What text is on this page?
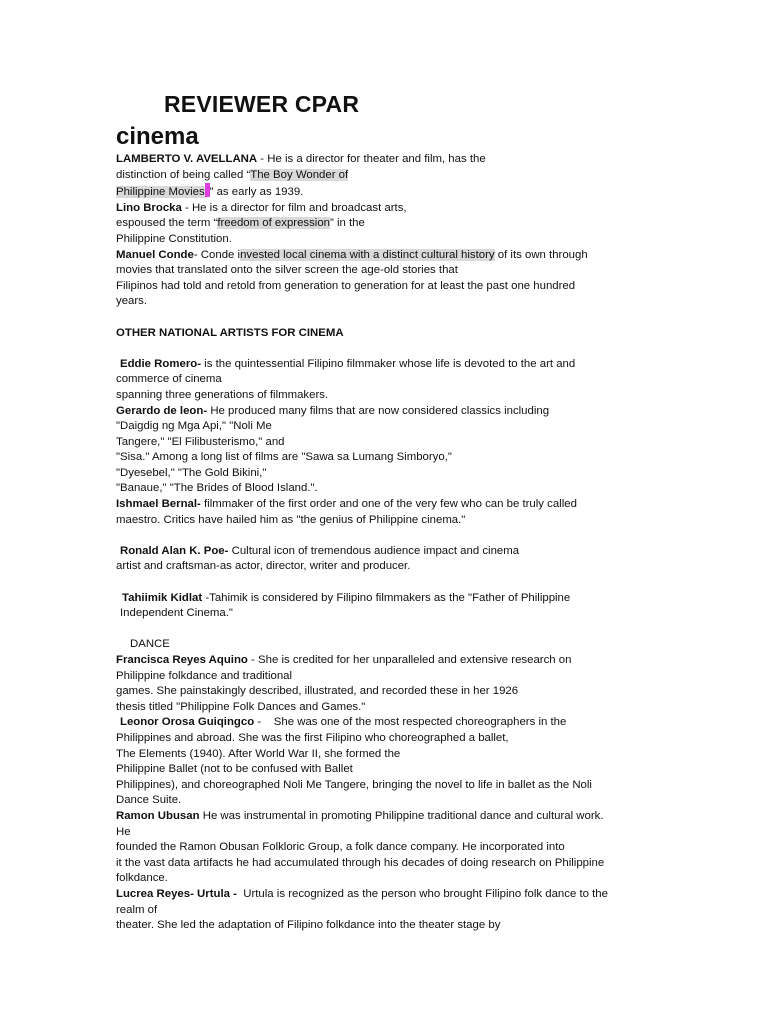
REVIEWER CPAR
cinema

LAMBERTO V. AVELLANA - He is a director for theater and film, has the

distinction of being called “The Boy Wonder of

Philippine Movies ” as early as 1939.

Lino Brocka - He is a director for film and broadcast arts,

espoused the term “freedom of expression” in the

Philippine Constitution.

Manuel Conde- Conde invested local cinema with a distinct cultural history of its own through

movies that translated onto the silver screen the age-old stories that

Filipinos had told and retold from generation to generation for at least the past one hundred

years.

OTHER NATIONAL ARTISTS FOR CINEMA

Eddie Romero- is the quintessential Filipino filmmaker whose life is devoted to the art and

commerce of cinema

spanning three generations of filmmakers.

Gerardo de leon- He produced many films that are now considered classics including

"Daigdig ng Mga Api," "Noli Me

Tangere," "El Filibusterismo," and

"Sisa." Among a long list of films are "Sawa sa Lumang Simboryo,"

"Dyesebel," "The Gold Bikini,"

"Banaue," "The Brides of Blood Island.".

Ishmael Bernal- filmmaker of the first order and one of the very few who can be truly called

maestro. Critics have hailed him as "the genius of Philippine cinema."

Ronald Alan K. Poe- Cultural icon of tremendous audience impact and cinema

artist and craftsman-as actor, director, writer and producer.

Tahiimik Kidlat -Tahimik is considered by Filipino filmmakers as the "Father of Philippine

Independent Cinema."

DANCE

Francisca Reyes Aquino - She is credited for her unparalleled and extensive research on

Philippine folkdance and traditional

games. She painstakingly described, illustrated, and recorded these in her 1926

thesis titled "Philippine Folk Dances and Games."

Leonor Orosa Guiqingco -    She was one of the most respected choreographers in the

Philippines and abroad. She was the first Filipino who choreographed a ballet,

The Elements (1940). After World War II, she formed the

Philippine Ballet (not to be confused with Ballet

Philippines), and choreographed Noli Me Tangere, bringing the novel to life in ballet as the Noli

Dance Suite.

Ramon Ubusan He was instrumental in promoting Philippine traditional dance and cultural work.

He

founded the Ramon Obusan Folkloric Group, a folk dance company. He incorporated into

it the vast data artifacts he had accumulated through his decades of doing research on Philippine

folkdance.

Lucrea Reyes- Urtula -  Urtula is recognized as the person who brought Filipino folk dance to the

realm of

theater. She led the adaptation of Filipino folkdance into the theater stage by
